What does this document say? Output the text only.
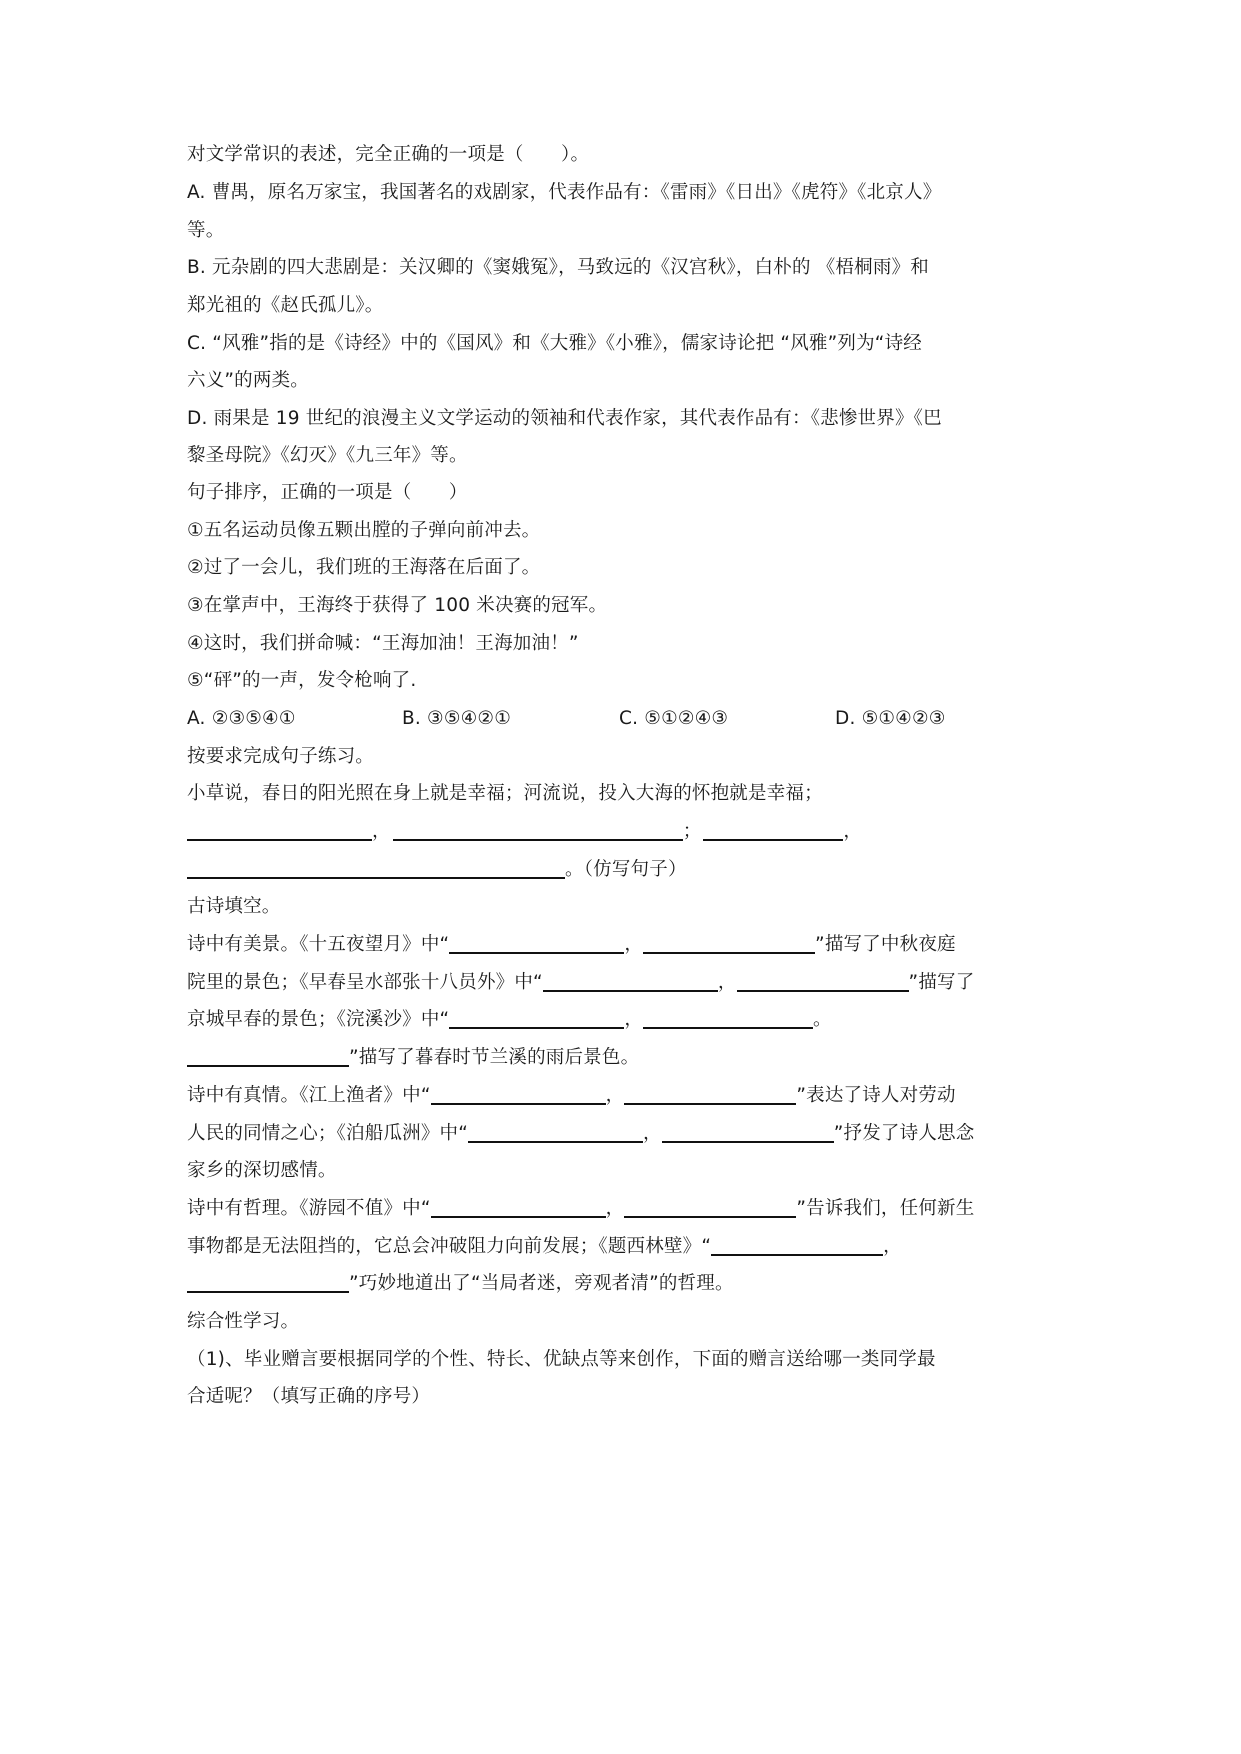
对文学常识的表述，完全正确的一项是（　　）。
A. 曹禺，原名万家宝，我国著名的戏剧家，代表作品有：《雷雨》《日出》《虎符》《北京人》
等。
B. 元杂剧的四大悲剧是：关汉卿的《窦娥冤》，马致远的《汉宫秋》，白朴的 《梧桐雨》和
郑光祖的《赵氏孤儿》。
C. “风雅”指的是《诗经》中的《国风》和《大雅》《小雅》，儒家诗论把 “风雅”列为“诗经
六义”的两类。
D. 雨果是 19 世纪的浪漫主义文学运动的领袖和代表作家，其代表作品有：《悲惨世界》《巴
黎圣母院》《幻灭》《九三年》等。
句子排序，正确的一项是（　　）
①五名运动员像五颗出膛的子弹向前冲去。
②过了一会儿，我们班的王海落在后面了。
③在掌声中，王海终于获得了 100 米决赛的冠军。
④这时，我们拼命喊：“王海加油！王海加油！”
⑤“砰”的一声，发令枪响了.
A. ②③⑤④①	B. ③⑤④②①	C. ⑤①②④③	D. ⑤①④②③
按要求完成句子练习。
小草说，春日的阳光照在身上就是幸福；河流说，投入大海的怀抱就是幸福；
，	；	，
。（仿写句子）
古诗填空。
诗中有美景。《十五夜望月》中“	，	”描写了中秋夜庭
院里的景色；《早春呈水部张十八员外》中“	，	”描写了
京城早春的景色；《浣溪沙》中“	，	。
”描写了暮春时节兰溪的雨后景色。
诗中有真情。《江上渔者》中“	，	”表达了诗人对劳动
人民的同情之心；《泊船瓜洲》中“	，	”抒发了诗人思念
家乡的深切感情。
诗中有哲理。《游园不值》中“	，	”告诉我们，任何新生
事物都是无法阻挡的，它总会冲破阻力向前发展；《题西林壁》“	，
”巧妙地道出了“当局者迷，旁观者清”的哲理。
综合性学习。
（1)、毕业赠言要根据同学的个性、特长、优缺点等来创作，下面的赠言送给哪一类同学最
合适呢？（填写正确的序号）
